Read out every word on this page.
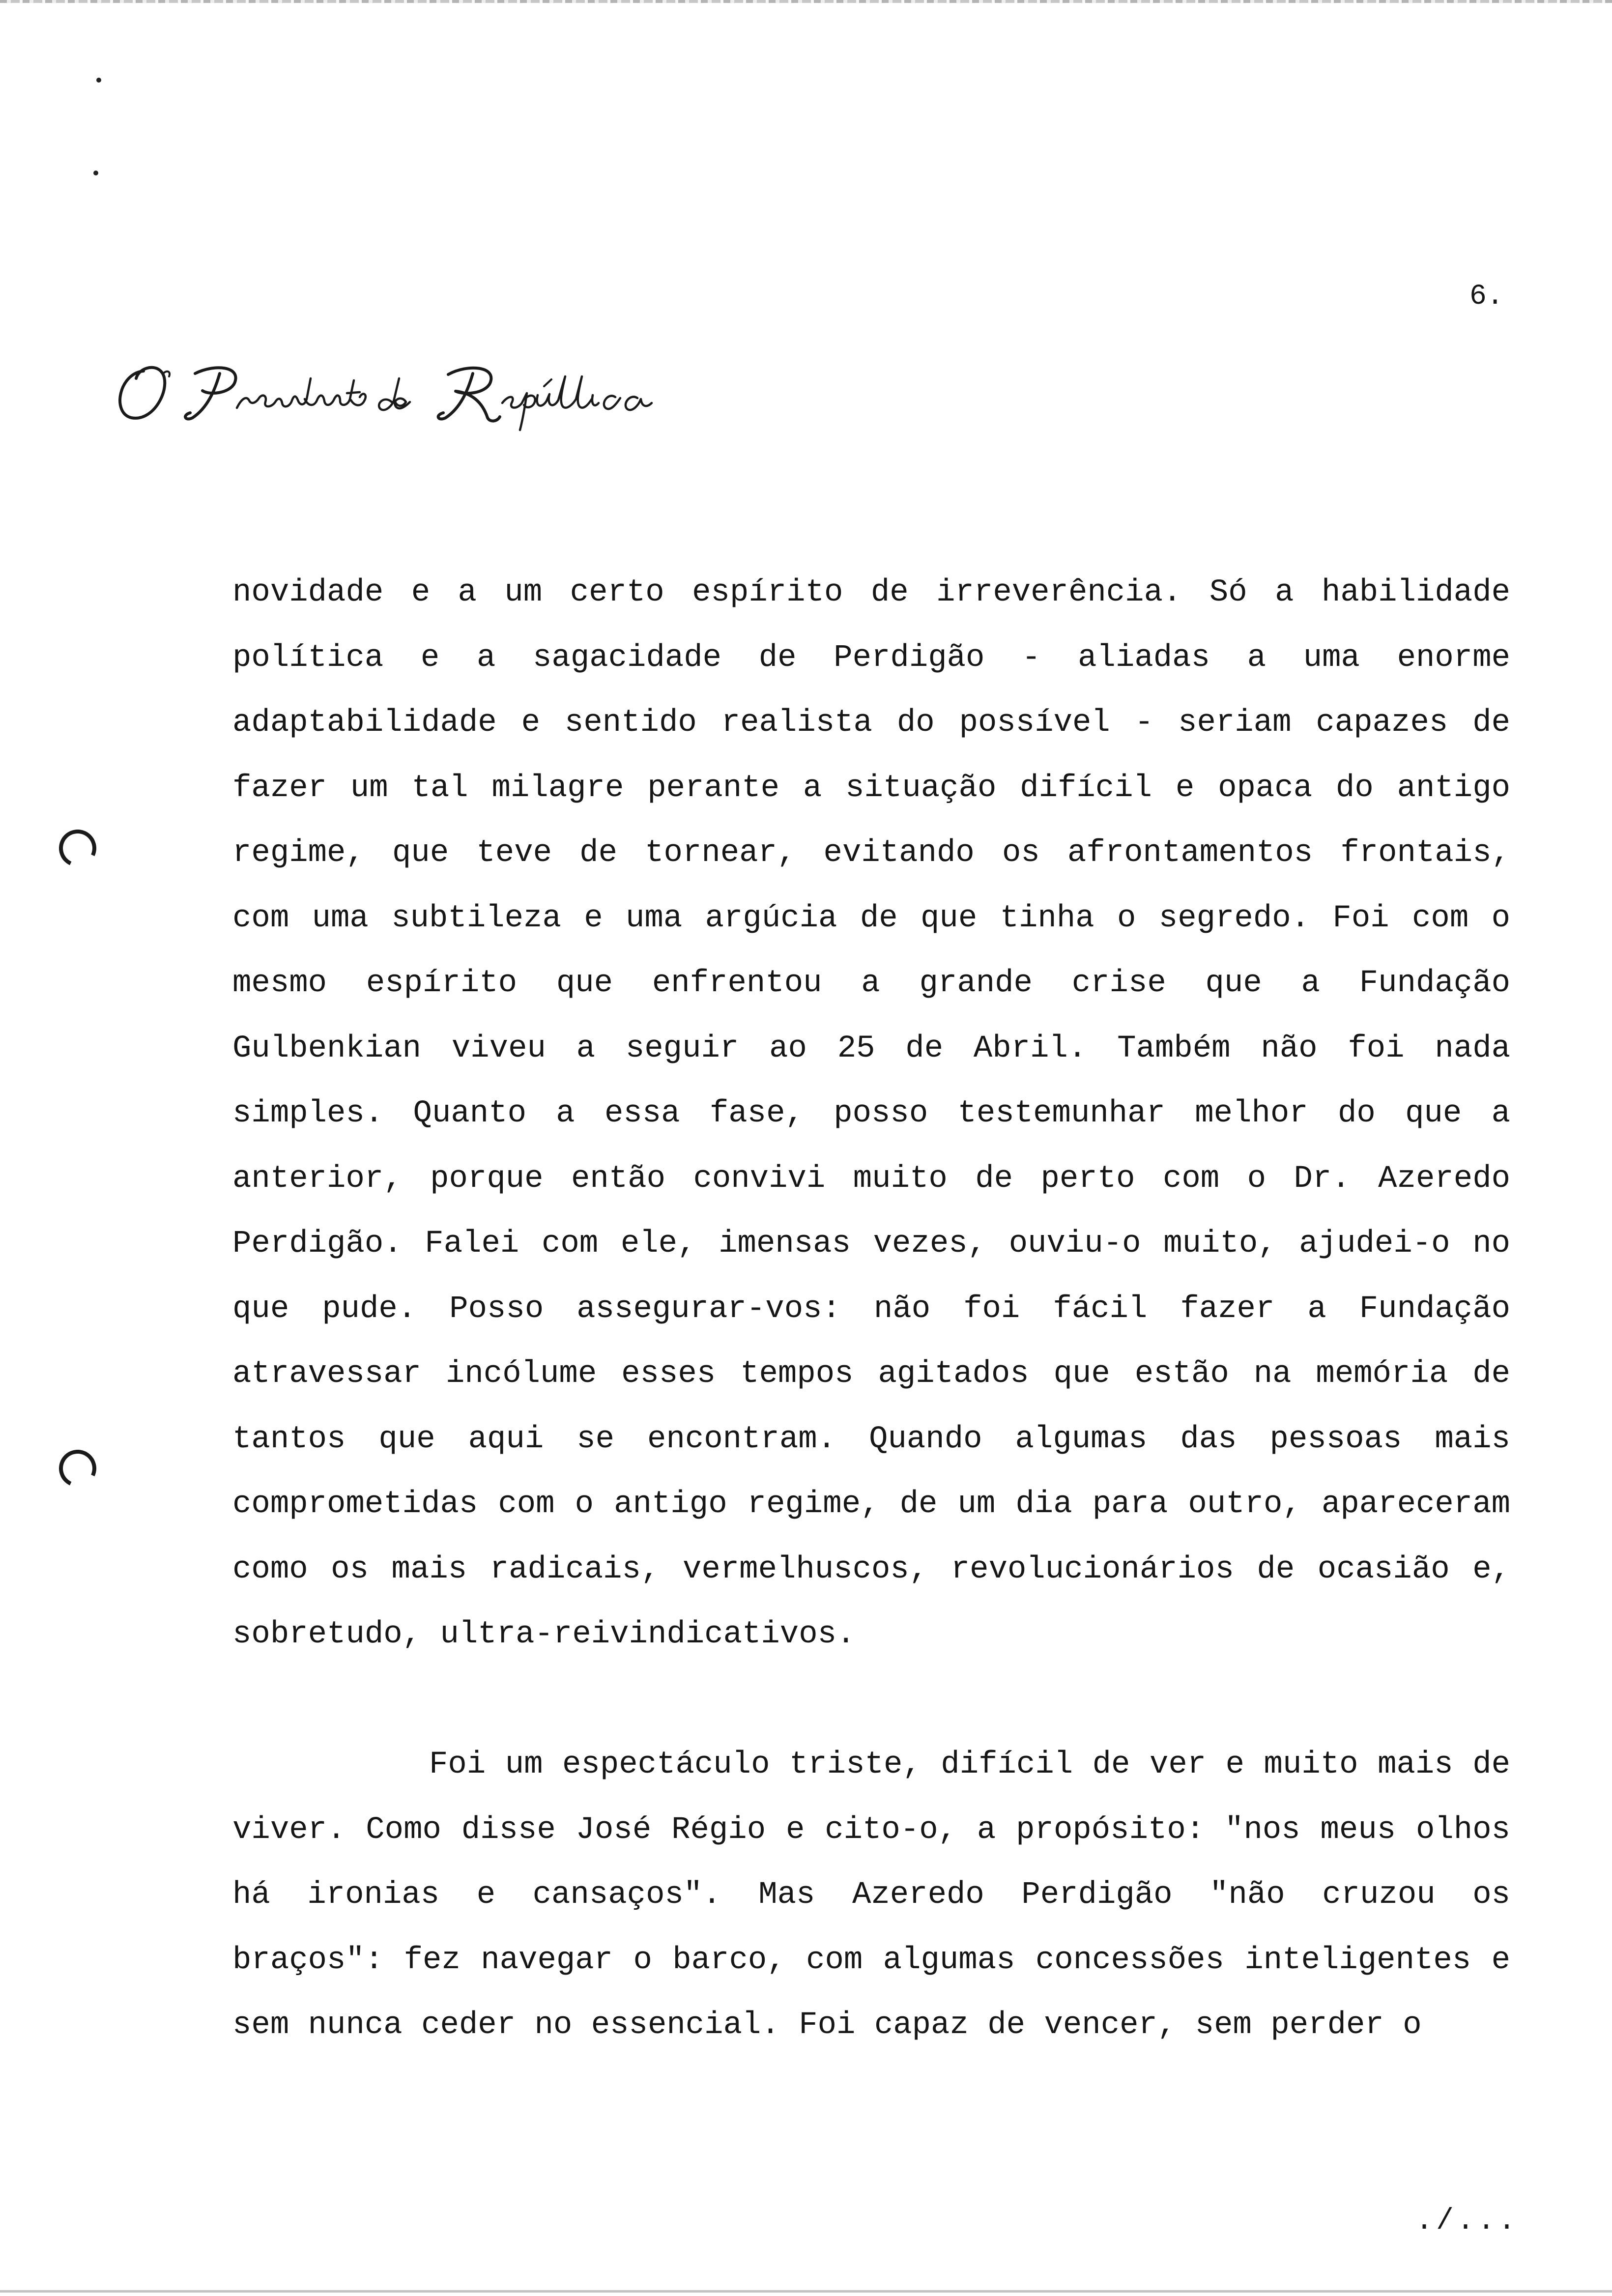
6.

novidade e a um certo espírito de irreverência. Só a habilidade política e a sagacidade de Perdigão - aliadas a uma enorme adaptabilidade e sentido realista do possível - seriam capazes de fazer um tal milagre perante a situação difícil e opaca do antigo regime, que teve de tornear, evitando os afrontamentos frontais, com uma subtileza e uma argúcia de que tinha o segredo. Foi com o mesmo espírito que enfrentou a grande crise que a Fundação Gulbenkian viveu a seguir ao 25 de Abril. Também não foi nada simples. Quanto a essa fase, posso testemunhar melhor do que a anterior, porque então convivi muito de perto com o Dr. Azeredo Perdigão. Falei com ele, imensas vezes, ouviu-o muito, ajudei-o no que pude. Posso assegurar-vos: não foi fácil fazer a Fundação atravessar incólume esses tempos agitados que estão na memória de tantos que aqui se encontram. Quando algumas das pessoas mais comprometidas com o antigo regime, de um dia para outro, apareceram como os mais radicais, vermelhuscos, revolucionários de ocasião e, sobretudo, ultra-reivindicativos.

Foi um espectáculo triste, difícil de ver e muito mais de viver. Como disse José Régio e cito-o, a propósito: "nos meus olhos há ironias e cansaços". Mas Azeredo Perdigão "não cruzou os braços": fez navegar o barco, com algumas concessões inteligentes e sem nunca ceder no essencial. Foi capaz de vencer, sem perder o

./...
